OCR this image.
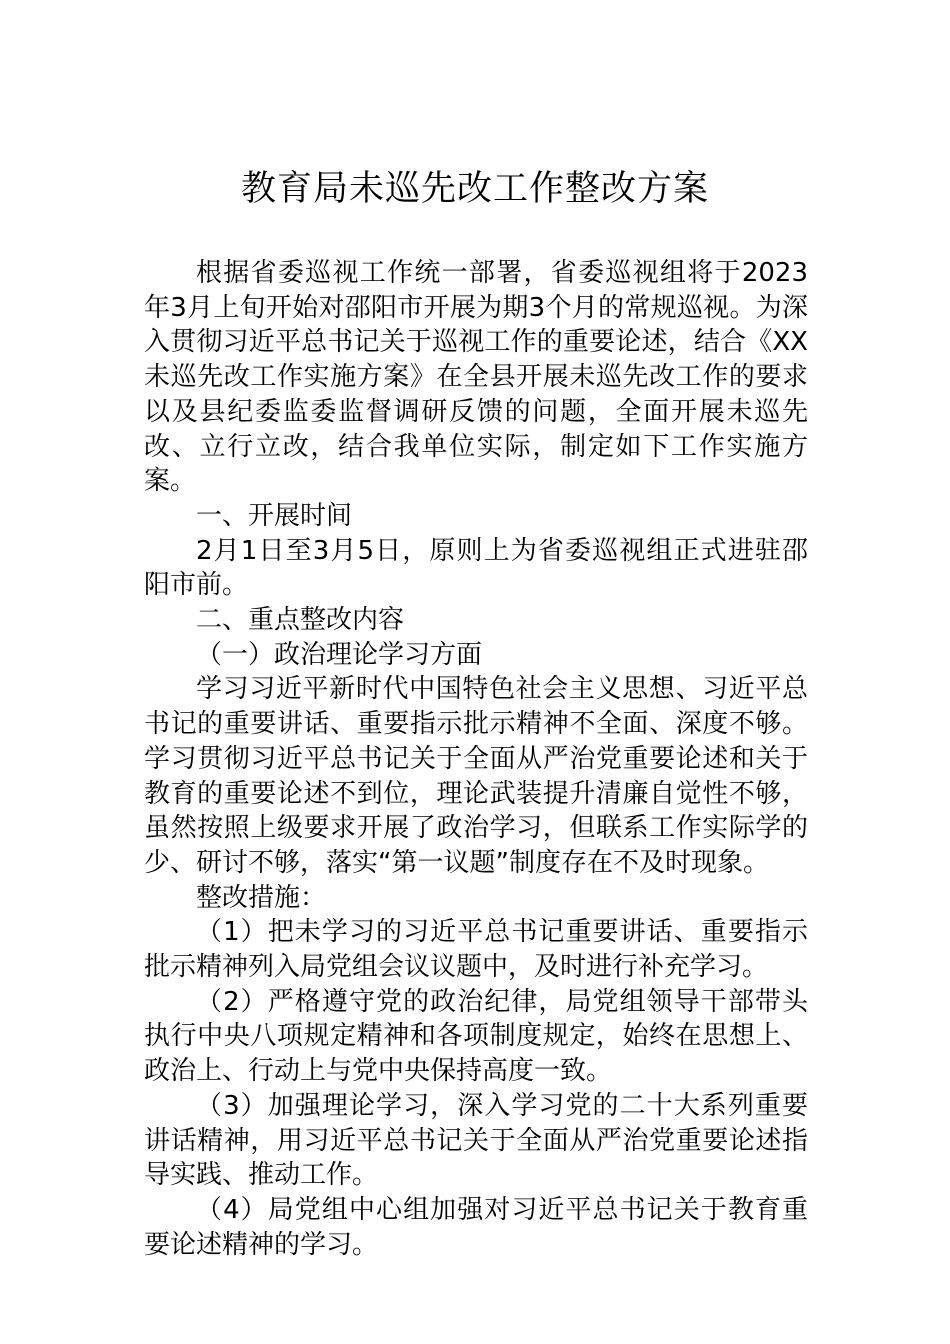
教育局未巡先改工作整改方案

根据省委巡视工作统一部署，省委巡视组将于2023年3月上旬开始对邵阳市开展为期3个月的常规巡视。为深入贯彻习近平总书记关于巡视工作的重要论述，结合《XX未巡先改工作实施方案》在全县开展未巡先改工作的要求以及县纪委监委监督调研反馈的问题，全面开展未巡先改、立行立改，结合我单位实际，制定如下工作实施方案。

一、开展时间

2月1日至3月5日，原则上为省委巡视组正式进驻邵阳市前。

二、重点整改内容

（一）政治理论学习方面

学习习近平新时代中国特色社会主义思想、习近平总书记的重要讲话、重要指示批示精神不全面、深度不够。学习贯彻习近平总书记关于全面从严治党重要论述和关于教育的重要论述不到位，理论武装提升清廉自觉性不够，虽然按照上级要求开展了政治学习，但联系工作实际学的少、研讨不够，落实“第一议题”制度存在不及时现象。

整改措施：

（1）把未学习的习近平总书记重要讲话、重要指示批示精神列入局党组会议议题中，及时进行补充学习。

（2）严格遵守党的政治纪律，局党组领导干部带头执行中央八项规定精神和各项制度规定，始终在思想上、政治上、行动上与党中央保持高度一致。

（3）加强理论学习，深入学习党的二十大系列重要讲话精神，用习近平总书记关于全面从严治党重要论述指导实践、推动工作。

（4）局党组中心组加强对习近平总书记关于教育重要论述精神的学习。
